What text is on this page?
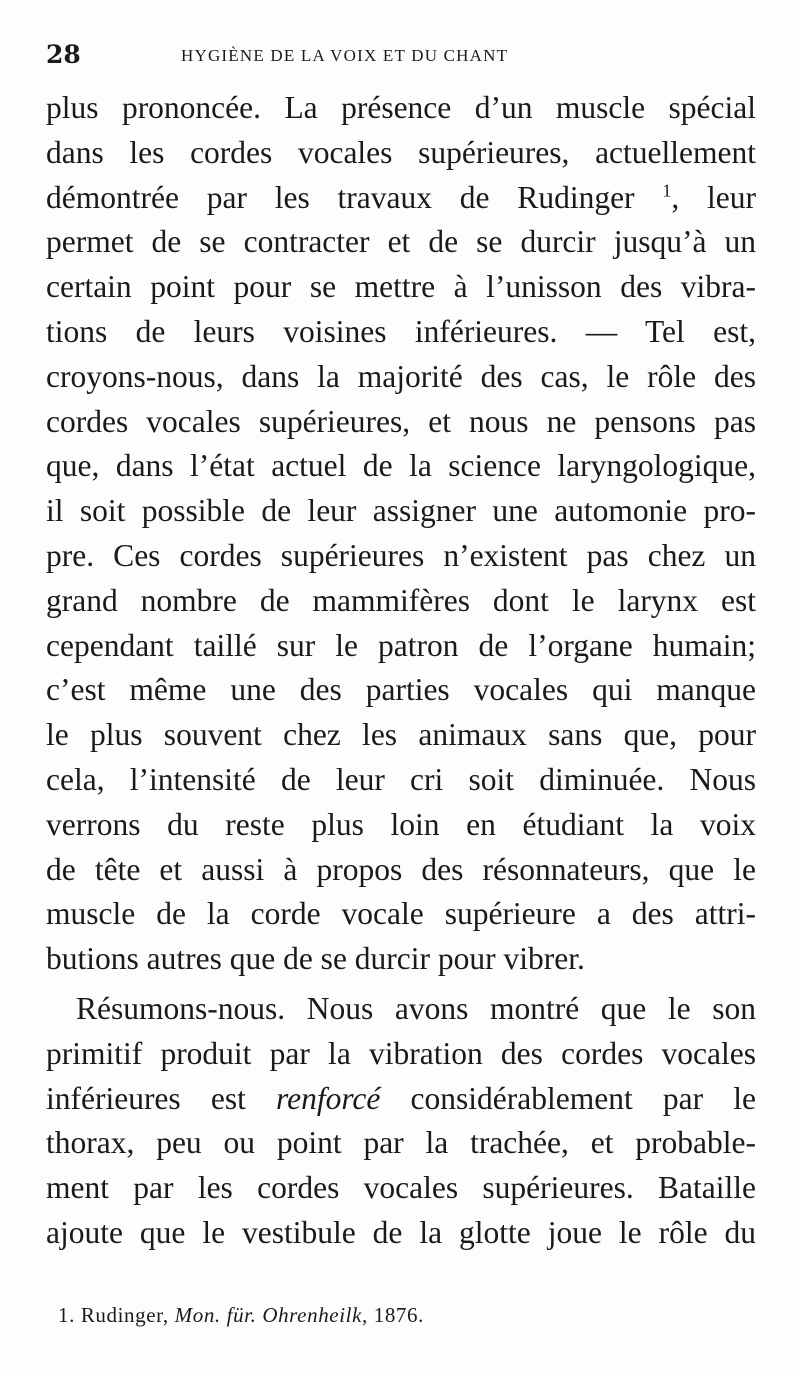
28	HYGIÈNE DE LA VOIX ET DU CHANT
plus prononcée. La présence d’un muscle spécial
dans les cordes vocales supérieures, actuellement
démontrée par les travaux de Rudinger $^1$, leur
permet de se contracter et de se durcir jusqu’à un
certain point pour se mettre à l’unisson des vibra-
tions de leurs voisines inférieures. — Tel est,
croyons-nous, dans la majorité des cas, le rôle des
cordes vocales supérieures, et nous ne pensons pas
que, dans l’état actuel de la science laryngologique,
il soit possible de leur assigner une automonie pro-
pre. Ces cordes supérieures n’existent pas chez un
grand nombre de mammifères dont le larynx est
cependant taillé sur le patron de l’organe humain;
c’est même une des parties vocales qui manque
le plus souvent chez les animaux sans que, pour
cela, l’intensité de leur cri soit diminuée. Nous
verrons du reste plus loin en étudiant la voix
de tête et aussi à propos des résonnateurs, que le
muscle de la corde vocale supérieure a des attri-
butions autres que de se durcir pour vibrer.
Résumons-nous. Nous avons montré que le son
primitif produit par la vibration des cordes vocales
inférieures est renforcé considérablement par le
thorax, peu ou point par la trachée, et probable-
ment par les cordes vocales supérieures. Bataille
ajoute que le vestibule de la glotte joue le rôle du
1. Rudinger, Mon. für. Ohrenheilk, 1876.
